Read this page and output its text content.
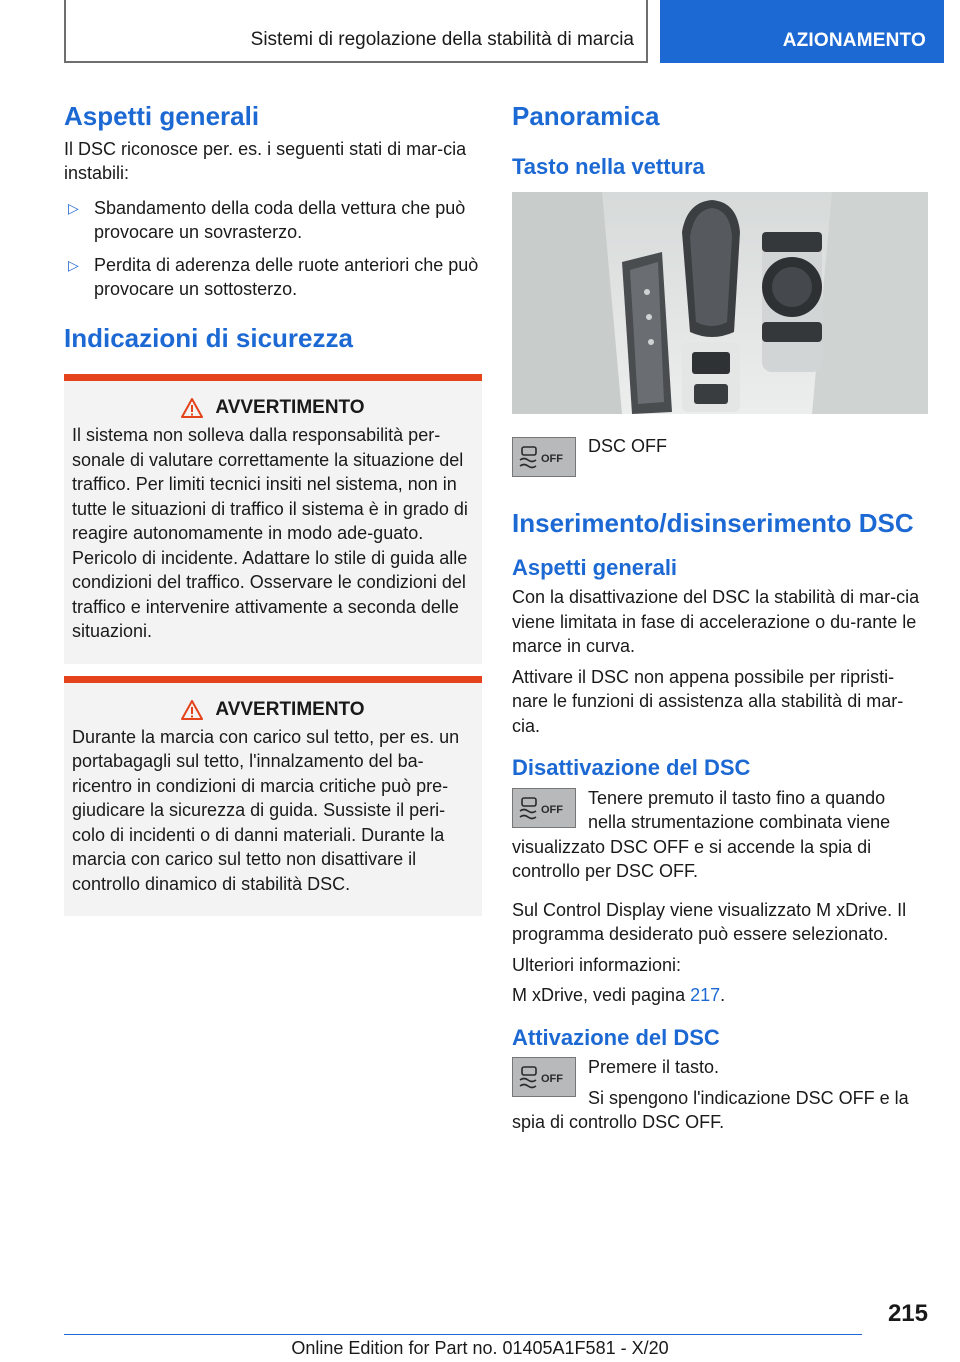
Sistemi di regolazione della stabilità di marcia	AZIONAMENTO
Aspetti generali

Il DSC riconosce per. es. i seguenti stati di mar-cia instabili:

▷ Sbandamento della coda della vettura che può provocare un sovrasterzo.
▷ Perdita di aderenza delle ruote anteriori che può provocare un sottosterzo.
Indicazioni di sicurezza
AVVERTIMENTO

Il sistema non solleva dalla responsabilità per-sonale di valutare correttamente la situazione del traffico. Per limiti tecnici insiti nel sistema, non in tutte le situazioni di traffico il sistema è in grado di reagire autonomamente in modo ade-guato. Pericolo di incidente. Adattare lo stile di guida alle condizioni del traffico. Osservare le condizioni del traffico e intervenire attivamente a seconda delle situazioni.

AVVERTIMENTO

Durante la marcia con carico sul tetto, per es. un portabagagli sul tetto, l'innalzamento del ba-ricentro in condizioni di marcia critiche può pre-giudicare la sicurezza di guida. Sussiste il peri-colo di incidenti o di danni materiali. Durante la marcia con carico sul tetto non disattivare il controllo dinamico di stabilità DSC.

Panoramica
Tasto nella vettura
OFF
DSC OFF
Inserimento/disinserimento DSC
Aspetti generali

Con la disattivazione del DSC la stabilità di mar-cia viene limitata in fase di accelerazione o du-rante le marce in curva.

Attivare il DSC non appena possibile per ripristi-nare le funzioni di assistenza alla stabilità di mar-cia.

Disattivazione del DSC
OFF

Tenere premuto il tasto fino a quando nella strumentazione combinata viene visualizzato DSC OFF e si accende la spia di controllo per DSC OFF.

Sul Control Display viene visualizzato M xDrive. Il programma desiderato può essere selezionato.

Ulteriori informazioni:

M xDrive, vedi pagina 217.

Attivazione del DSC
OFF

Premere il tasto.

Si spengono l'indicazione DSC OFF e la spia di controllo DSC OFF.

215
Online Edition for Part no. 01405A1F581 - X/20
